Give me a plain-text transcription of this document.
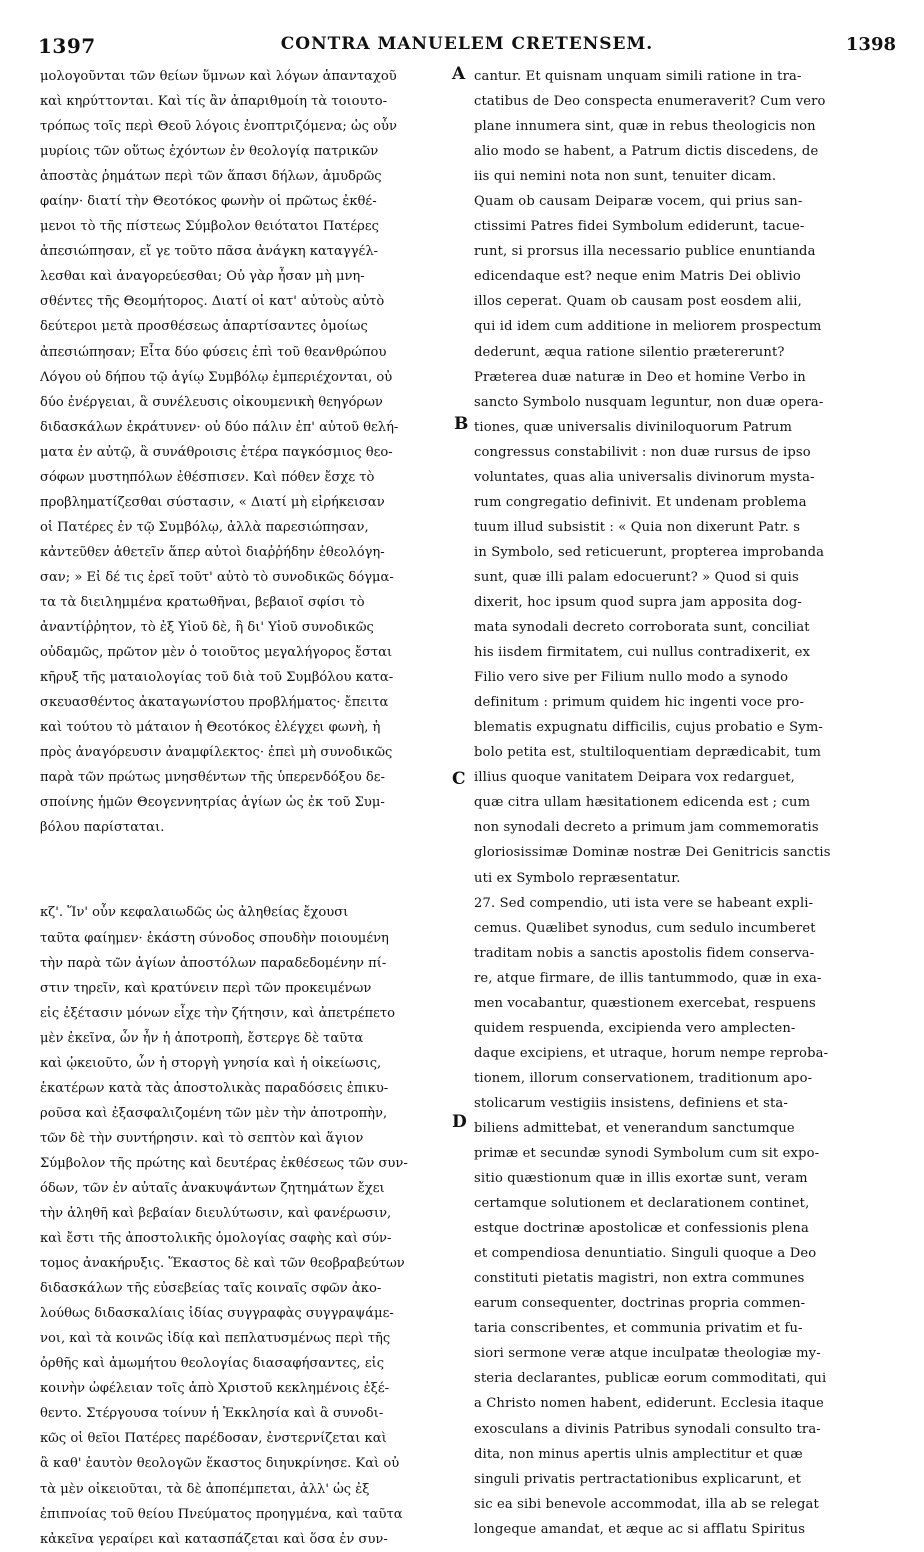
1397	CONTRA MANUELEM CRETENSEM.	1398
μολογοῦνται τῶν θείων ὕμνων καὶ λόγων ἁπανταχοῦ
καὶ κηρύττονται. Καὶ τίς ἂν ἀπαριθμοίη τὰ τοιουτο-
τρόπως τοῖς περὶ Θεοῦ λόγοις ἐνοπτριζόμενα; ὡς οὖν
μυρίοις τῶν οὕτως ἐχόντων ἐν θεολογίᾳ πατρικῶν
ἀποστὰς ῥημάτων περὶ τῶν ἅπασι δήλων, ἀμυδρῶς
φαίην· διατί τὴν Θεοτόκος φωνὴν οἱ πρῶτως ἐκθέ-
μενοι τὸ τῆς πίστεως Σύμβολον θειότατοι Πατέρες
ἀπεσιώπησαν, εἴ γε τοῦτο πᾶσα ἀνάγκη καταγγέλ-
λεσθαι καὶ ἀναγορεύεσθαι; Οὐ γὰρ ἦσαν μὴ μνη-
σθέντες τῆς Θεομήτορος. Διατί οἱ κατ' αὐτοὺς αὐτὸ
δεύτεροι μετὰ προσθέσεως ἀπαρτίσαντες ὁμοίως
ἀπεσιώπησαν; Εἶτα δύο φύσεις ἐπὶ τοῦ θεανθρώπου
Λόγου οὐ δήπου τῷ ἁγίῳ Συμβόλῳ ἐμπεριέχονται, οὐ
δύο ἐνέργειαι, ἃ συνέλευσις οἰκουμενικὴ θεηγόρων
διδασκάλων ἐκράτυνεν· οὐ δύο πάλιν ἐπ' αὐτοῦ θελή-
ματα ἐν αὐτῷ, ἃ συνάθροισις ἑτέρα παγκόσμιος θεο-
σόφων μυστηπόλων ἐθέσπισεν. Καὶ πόθεν ἔσχε τὸ
προβληματίζεσθαι σύστασιν, « Διατί μὴ εἰρήκεισαν
οἱ Πατέρες ἐν τῷ Συμβόλῳ, ἀλλὰ παρεσιώπησαν,
κἀντεῦθεν ἀθετεῖν ἅπερ αὐτοὶ διαῤῥήδην ἐθεολόγη-
σαν; » Εἰ δέ τις ἐρεῖ τοῦτ' αὐτὸ τὸ συνοδικῶς δόγμα-
τα τὰ διειλημμένα κρατωθῆναι, βεβαιοῖ σφίσι τὸ
ἀναντίῤῥητον, τὸ ἐξ Υἱοῦ δὲ, ἢ δι' Υἱοῦ συνοδικῶς
οὐδαμῶς, πρῶτον μὲν ὁ τοιοῦτος μεγαλήγορος ἔσται
κῆρυξ τῆς ματαιολογίας τοῦ διὰ τοῦ Συμβόλου κατα-
σκευασθέντος ἀκαταγωνίστου προβλήματος· ἔπειτα
καὶ τούτου τὸ μάταιον ἡ Θεοτόκος ἐλέγχει φωνὴ, ἡ
πρὸς ἀναγόρευσιν ἀναμφίλεκτος· ἐπεὶ μὴ συνοδικῶς
παρὰ τῶν πρώτως μνησθέντων τῆς ὑπερενδόξου δε-
σποίνης ἡμῶν Θεογεννητρίας ἁγίων ὡς ἐκ τοῦ Συμ-
βόλου παρίσταται.
κζ'. Ἵν' οὖν κεφαλαιωδῶς ὡς ἀληθείας ἔχουσι
ταῦτα φαίημεν· ἑκάστη σύνοδος σπουδὴν ποιουμένη
τὴν παρὰ τῶν ἁγίων ἀποστόλων παραδεδομένην πί-
στιν τηρεῖν, καὶ κρατύνειν περὶ τῶν προκειμένων
εἰς ἐξέτασιν μόνων εἶχε τὴν ζήτησιν, καὶ ἀπετρέπετο
μὲν ἐκεῖνα, ὧν ἦν ἡ ἀποτροπὴ, ἔστεργε δὲ ταῦτα
καὶ ᾠκειοῦτο, ὧν ἡ στοργὴ γνησία καὶ ἡ οἰκείωσις,
ἑκατέρων κατὰ τὰς ἀποστολικὰς παραδόσεις ἐπικυ-
ροῦσα καὶ ἐξασφαλιζομένη τῶν μὲν τὴν ἀποτροπὴν,
τῶν δὲ τὴν συντήρησιν. καὶ τὸ σεπτὸν καὶ ἅγιον
Σύμβολον τῆς πρώτης καὶ δευτέρας ἐκθέσεως τῶν συν-
όδων, τῶν ἐν αὐταῖς ἀνακυψάντων ζητημάτων ἔχει
τὴν ἀληθῆ καὶ βεβαίαν διευλύτωσιν, καὶ φανέρωσιν,
καὶ ἔστι τῆς ἀποστολικῆς ὁμολογίας σαφὴς καὶ σύν-
τομος ἀνακήρυξις. Ἕκαστος δὲ καὶ τῶν θεοβραβεύτων
διδασκάλων τῆς εὐσεβείας ταῖς κοιναῖς σφῶν ἀκο-
λούθως διδασκαλίαις ἰδίας συγγραφὰς συγγραψάμε-
νοι, καὶ τὰ κοινῶς ἰδίᾳ καὶ πεπλατυσμένως περὶ τῆς
ὀρθῆς καὶ ἀμωμήτου θεολογίας διασαφήσαντες, εἰς
κοινὴν ὠφέλειαν τοῖς ἀπὸ Χριστοῦ κεκλημένοις ἐξέ-
θεντο. Στέργουσα τοίνυν ἡ Ἐκκλησία καὶ ἃ συνοδι-
κῶς οἱ θεῖοι Πατέρες παρέδοσαν, ἐνστερνίζεται καὶ
ἃ καθ' ἑαυτὸν θεολογῶν ἕκαστος διηυκρίνησε. Καὶ οὐ
τὰ μὲν οἰκειοῦται, τὰ δὲ ἀποπέμπεται, ἀλλ' ὡς ἐξ
ἐπιπνοίας τοῦ θείου Πνεύματος προηγμένα, καὶ ταῦτα
κἀκεῖνα γεραίρει καὶ κατασπάζεται καὶ ὅσα ἐν συν-
A
B
C
D
cantur. Et quisnam unquam simili ratione in tra-
ctatibus de Deo conspecta enumeraverit? Cum vero
plane innumera sint, quæ in rebus theologicis non
alio modo se habent, a Patrum dictis discedens, de
iis qui nemini nota non sunt, tenuiter dicam.
Quam ob causam Deiparæ vocem, qui prius san-
ctissimi Patres fidei Symbolum ediderunt, tacue-
runt, si prorsus illa necessario publice enuntianda
edicendaque est? neque enim Matris Dei oblivio
illos ceperat. Quam ob causam post eosdem alii,
qui id idem cum additione in meliorem prospectum
dederunt, æqua ratione silentio prætererunt?
Præterea duæ naturæ in Deo et homine Verbo in
sancto Symbolo nusquam leguntur, non duæ opera-
tiones, quæ universalis diviniloquorum Patrum
congressus constabilivit : non duæ rursus de ipso
voluntates, quas alia universalis divinorum mysta-
rum congregatio definivit. Et undenam problema
tuum illud subsistit : « Quia non dixerunt Patr. s
in Symbolo, sed reticuerunt, propterea improbanda
sunt, quæ illi palam edocuerunt? » Quod si quis
dixerit, hoc ipsum quod supra jam apposita dog-
mata synodali decreto corroborata sunt, conciliat
his iisdem firmitatem, cui nullus contradixerit, ex
Filio vero sive per Filium nullo modo a synodo
definitum : primum quidem hic ingenti voce pro-
blematis expugnatu difficilis, cujus probatio e Sym-
bolo petita est, stultiloquentiam deprædicabit, tum
illius quoque vanitatem Deipara vox redarguet,
quæ citra ullam hæsitationem edicenda est ; cum
non synodali decreto a primum jam commemoratis
gloriosissimæ Dominæ nostræ Dei Genitricis sanctis
uti ex Symbolo repræsentatur.
27. Sed compendio, uti ista vere se habeant expli-
cemus. Quælibet synodus, cum sedulo incumberet
traditam nobis a sanctis apostolis fidem conserva-
re, atque firmare, de illis tantummodo, quæ in exa-
men vocabantur, quæstionem exercebat, respuens
quidem respuenda, excipienda vero amplecten-
daque excipiens, et utraque, horum nempe reproba-
tionem, illorum conservationem, traditionum apo-
stolicarum vestigiis insistens, definiens et sta-
biliens admittebat, et venerandum sanctumque
primæ et secundæ synodi Symbolum cum sit expo-
sitio quæstionum quæ in illis exortæ sunt, veram
certamque solutionem et declarationem continet,
estque doctrinæ apostolicæ et confessionis plena
et compendiosa denuntiatio. Singuli quoque a Deo
constituti pietatis magistri, non extra communes
earum consequenter, doctrinas propria commen-
taria conscribentes, et communia privatim et fu-
siori sermone veræ atque inculpatæ theologiæ my-
steria declarantes, publicæ eorum commoditati, qui
a Christo nomen habent, ediderunt. Ecclesia itaque
exosculans a divinis Patribus synodali consulto tra-
dita, non minus apertis ulnis amplectitur et quæ
singuli privatis pertractationibus explicarunt, et
sic ea sibi benevole accommodat, illa ab se relegat
longeque amandat, et æque ac si afflatu Spiritus
